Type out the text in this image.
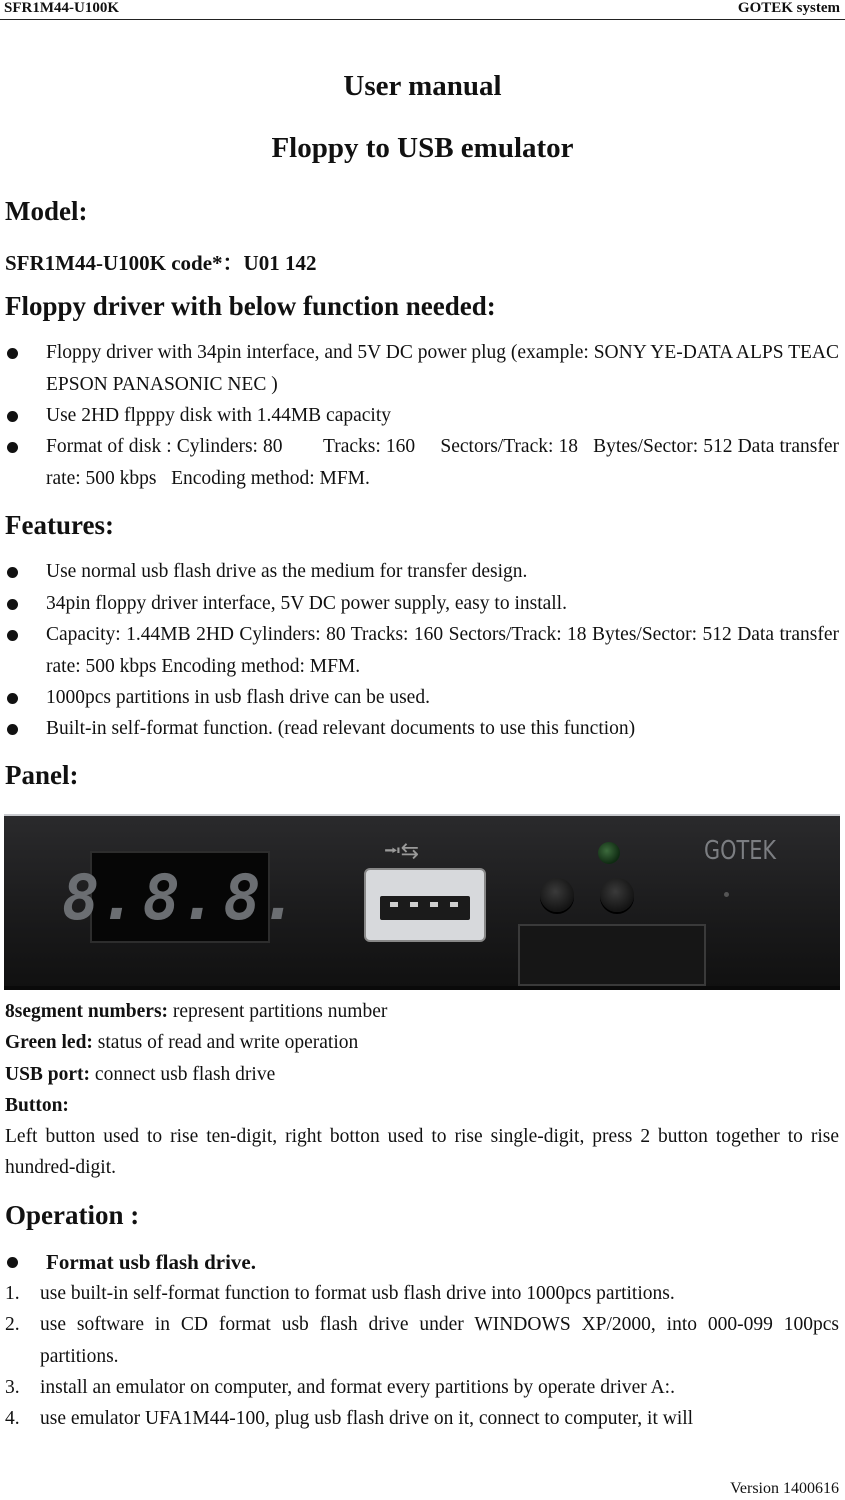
SFR1M44-U100K	GOTEK system
User manual
Floppy to USB emulator
Model:
SFR1M44-U100K code*：U01 142
Floppy driver with below function needed:
Floppy driver with 34pin interface, and 5V DC power plug (example: SONY YE-DATA ALPS TEAC EPSON PANASONIC NEC )
Use 2HD flpppy disk with 1.44MB capacity
Format of disk : Cylinders: 80        Tracks: 160     Sectors/Track: 18   Bytes/Sector: 512 Data transfer rate: 500 kbps   Encoding method: MFM.
Features:
Use normal usb flash drive as the medium for transfer design.
34pin floppy driver interface, 5V DC power supply, easy to install.
Capacity: 1.44MB 2HD Cylinders: 80 Tracks: 160 Sectors/Track: 18 Bytes/Sector: 512 Data transfer rate: 500 kbps Encoding method: MFM.
1000pcs partitions in usb flash drive can be used.
Built-in self-format function. (read relevant documents to use this function)
Panel:
8. 8. 8.
⭲⇆	GOTEK
8segment numbers: represent partitions number
Green led: status of read and write operation
USB port: connect usb flash drive
Button:
Left button used to rise ten-digit, right botton used to rise single-digit, press 2 button together to rise hundred-digit.
Operation :
Format usb flash drive.
1. use built-in self-format function to format usb flash drive into 1000pcs partitions.
2. use software in CD format usb flash drive under WINDOWS XP/2000, into 000-099 100pcs partitions.
3. install an emulator on computer, and format every partitions by operate driver A:.
4. use emulator UFA1M44-100, plug usb flash drive on it, connect to computer, it will
Version 1400616
